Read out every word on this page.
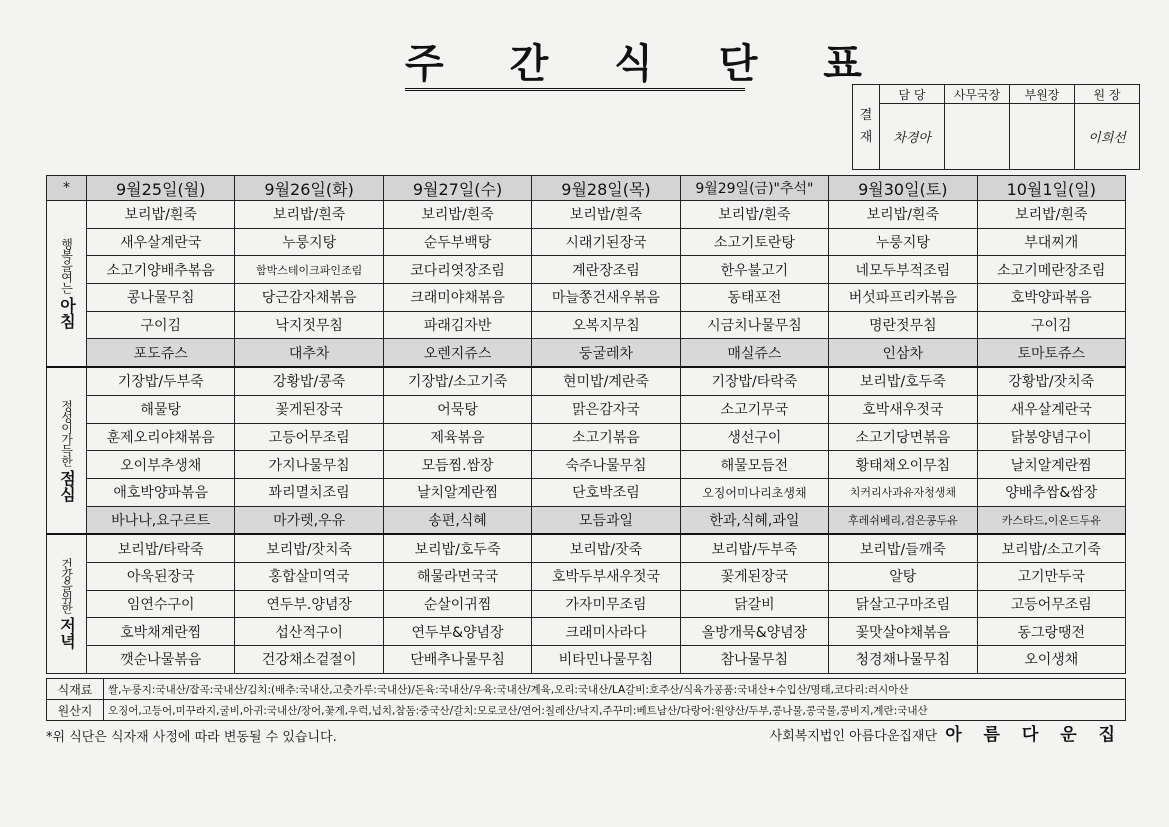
주 간 식 단 표
결 재	담 당	사무국장	부원장	원 장
	차경아			이희선
*	9월25일(월)	9월26일(화)	9월27일(수)	9월28일(목)	9월29일(금)"추석"	9월30일(토)	10월1일(일)

행복을여는
아침	보리밥/흰죽	보리밥/흰죽	보리밥/흰죽	보리밥/흰죽	보리밥/흰죽	보리밥/흰죽	보리밥/흰죽
	새우살계란국	누룽지탕	순두부백탕	시래기된장국	소고기토란탕	누룽지탕	부대찌개
	소고기양배추볶음	함박스테이크파인조림	코다리엿장조림	계란장조림	한우불고기	네모두부적조림	소고기메란장조림
	콩나물무침	당근감자채볶음	크래미야채볶음	마늘쫑건새우볶음	동태포전	버섯파프리카볶음	호박양파볶음
	구이김	낙지젓무침	파래김자반	오복지무침	시금치나물무침	명란젓무침	구이김
	포도쥬스	대추차	오렌지쥬스	둥굴레차	매실쥬스	인삼차	토마토쥬스

정성이가득한
점심	기장밥/두부죽	강황밥/콩죽	기장밥/소고기죽	현미밥/계란죽	기장밥/타락죽	보리밥/호두죽	강황밥/잣치죽
	해물탕	꽃게된장국	어묵탕	맑은감자국	소고기무국	호박새우젓국	새우살계란국
	훈제오리야채볶음	고등어무조림	제육볶음	소고기볶음	생선구이	소고기당면볶음	닭봉양념구이
	오이부추생채	가지나물무침	모듬찜.쌈장	숙주나물무침	해물모듬전	황태채오이무침	날치알계란찜
	애호박양파볶음	꽈리멸치조림	날치알계란찜	단호박조림	오징어미나리초생채	치커리사과유자청생채	양배추쌈&쌈장
	바나나,요구르트	마가렛,우유	송편,식혜	모듬과일	한과,식혜,과일	후레쉬베리,검은콩두유	카스타드,이온드두유

건강을위한
저녁	보리밥/타락죽	보리밥/잣치죽	보리밥/호두죽	보리밥/잣죽	보리밥/두부죽	보리밥/들깨죽	보리밥/소고기죽
	아욱된장국	홍합살미역국	해물라면국국	호박두부새우젓국	꽃게된장국	알탕	고기만두국
	임연수구이	연두부.양념장	순살이귀찜	가자미무조림	닭갈비	닭살고구마조림	고등어무조림
	호박채계란찜	섭산적구이	연두부&양념장	크래미사라다	올방개묵&양념장	꽃맛살야채볶음	동그랑땡전
	깻순나물볶음	건강채소겉절이	단배추나물무침	비타민나물무침	참나물무침	청경채나물무침	오이생채
식재료	쌀,누룽지:국내산/잡곡:국내산/김치:(배추:국내산,고춧가루:국내산)/돈육:국내산/우육:국내산/계육,오리:국내산/LA갈비:호주산/식육가공품:국내산+수입산/명태,코다리:러시아산
원산지	오징어,고등어,미꾸라지,굴비,아귀:국내산/장어,꽃게,우럭,넙치,참돔:중국산/갈치:모로코산/연어:칠레산/낙지,주꾸미:베트남산/다랑어:원양산/두부,콩나물,콩국물,콩비지,계란:국내산
*위 식단은 식자재 사정에 따라 변동될 수 있습니다.	사회복지법인 아름다운집재단 아 름 다 운 집
